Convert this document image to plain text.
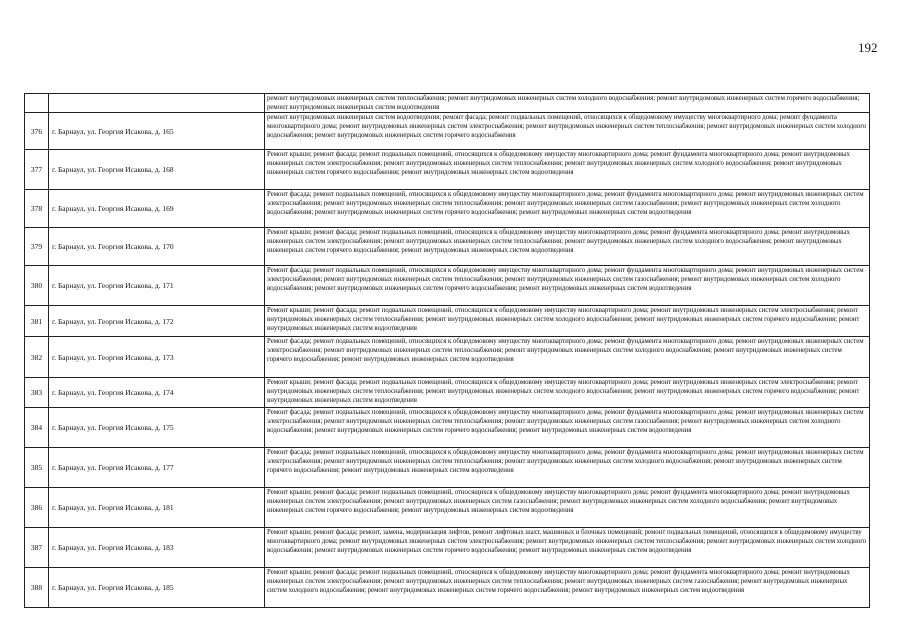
192
		ремонт внутридомовых инженерных систем теплоснабжения; ремонт внутридомовых инженерных систем холодного водоснабжения; ремонт внутридомовых инженерных систем горячего водоснабжения; ремонт внутридомовых инженерных систем водоотведения
376	г. Барнаул, ул. Георгия Исакова, д. 165	ремонт внутридомовых инженерных систем водоотведения; ремонт фасада; ремонт подвальных помещений, относящихся к общедомовому имуществу многоквартирного дома; ремонт фундамента многоквартирного дома; ремонт внутридомовых инженерных систем электроснабжения; ремонт внутридомовых инженерных систем теплоснабжения; ремонт внутридомовых инженерных систем холодного водоснабжения; ремонт внутридомовых инженерных систем горячего водоснабжения
377	г. Барнаул, ул. Георгия Исакова, д. 168	Ремонт крыши; ремонт фасада; ремонт подвальных помещений, относящихся к общедомовому имуществу многоквартирного дома; ремонт фундамента многоквартирного дома; ремонт внутридомовых инженерных систем электроснабжения; ремонт внутридомовых инженерных систем теплоснабжения; ремонт внутридомовых инженерных систем холодного водоснабжения; ремонт внутридомовых инженерных систем горячего водоснабжения; ремонт внутридомовых инженерных систем водоотведения
378	г. Барнаул, ул. Георгия Исакова, д. 169	Ремонт фасада; ремонт подвальных помещений, относящихся к общедомовому имуществу многоквартирного дома; ремонт фундамента многоквартирного дома; ремонт внутридомовых инженерных систем электроснабжения; ремонт внутридомовых инженерных систем теплоснабжения; ремонт внутридомовых инженерных систем газоснабжения; ремонт внутридомовых инженерных систем холодного водоснабжения; ремонт внутридомовых инженерных систем горячего водоснабжения; ремонт внутридомовых инженерных систем водоотведения
379	г. Барнаул, ул. Георгия Исакова, д. 170	Ремонт крыши; ремонт фасада; ремонт подвальных помещений, относящихся к общедомовому имуществу многоквартирного дома; ремонт фундамента многоквартирного дома; ремонт внутридомовых инженерных систем электроснабжения; ремонт внутридомовых инженерных систем теплоснабжения; ремонт внутридомовых инженерных систем холодного водоснабжения; ремонт внутридомовых инженерных систем горячего водоснабжения; ремонт внутридомовых инженерных систем водоотведения
380	г. Барнаул, ул. Георгия Исакова, д. 171	Ремонт фасада; ремонт подвальных помещений, относящихся к общедомовому имуществу многоквартирного дома; ремонт фундамента многоквартирного дома; ремонт внутридомовых инженерных систем электроснабжения; ремонт внутридомовых инженерных систем теплоснабжения; ремонт внутридомовых инженерных систем газоснабжения; ремонт внутридомовых инженерных систем холодного водоснабжения; ремонт внутридомовых инженерных систем горячего водоснабжения; ремонт внутридомовых инженерных систем водоотведения
381	г. Барнаул, ул. Георгия Исакова, д. 172	Ремонт крыши; ремонт фасада; ремонт подвальных помещений, относящихся к общедомовому имуществу многоквартирного дома; ремонт внутридомовых инженерных систем электроснабжения; ремонт внутридомовых инженерных систем теплоснабжения; ремонт внутридомовых инженерных систем холодного водоснабжения; ремонт внутридомовых инженерных систем горячего водоснабжения; ремонт внутридомовых инженерных систем водоотведения
382	г. Барнаул, ул. Георгия Исакова, д. 173	Ремонт фасада; ремонт подвальных помещений, относящихся к общедомовому имуществу многоквартирного дома; ремонт фундамента многоквартирного дома; ремонт внутридомовых инженерных систем электроснабжения; ремонт внутридомовых инженерных систем теплоснабжения; ремонт внутридомовых инженерных систем холодного водоснабжения; ремонт внутридомовых инженерных систем горячего водоснабжения; ремонт внутридомовых инженерных систем водоотведения
383	г. Барнаул, ул. Георгия Исакова, д. 174	Ремонт крыши; ремонт фасада; ремонт подвальных помещений, относящихся к общедомовому имуществу многоквартирного дома; ремонт внутридомовых инженерных систем электроснабжения; ремонт внутридомовых инженерных систем теплоснабжения; ремонт внутридомовых инженерных систем холодного водоснабжения; ремонт внутридомовых инженерных систем горячего водоснабжения; ремонт внутридомовых инженерных систем водоотведения
384	г. Барнаул, ул. Георгия Исакова, д. 175	Ремонт фасада; ремонт подвальных помещений, относящихся к общедомовому имуществу многоквартирного дома; ремонт фундамента многоквартирного дома; ремонт внутридомовых инженерных систем электроснабжения; ремонт внутридомовых инженерных систем теплоснабжения; ремонт внутридомовых инженерных систем газоснабжения; ремонт внутридомовых инженерных систем холодного водоснабжения; ремонт внутридомовых инженерных систем горячего водоснабжения; ремонт внутридомовых инженерных систем водоотведения
385	г. Барнаул, ул. Георгия Исакова, д. 177	Ремонт фасада; ремонт подвальных помещений, относящихся к общедомовому имуществу многоквартирного дома; ремонт фундамента многоквартирного дома; ремонт внутридомовых инженерных систем электроснабжения; ремонт внутридомовых инженерных систем теплоснабжения; ремонт внутридомовых инженерных систем холодного водоснабжения; ремонт внутридомовых инженерных систем горячего водоснабжения; ремонт внутридомовых инженерных систем водоотведения
386	г. Барнаул, ул. Георгия Исакова, д. 181	Ремонт крыши; ремонт фасада; ремонт подвальных помещений, относящихся к общедомовому имуществу многоквартирного дома; ремонт фундамента многоквартирного дома; ремонт внутридомовых инженерных систем электроснабжения; ремонт внутридомовых инженерных систем газоснабжения; ремонт внутридомовых инженерных систем холодного водоснабжения; ремонт внутридомовых инженерных систем горячего водоснабжения; ремонт внутридомовых инженерных систем водоотведения
387	г. Барнаул, ул. Георгия Исакова, д. 183	Ремонт крыши; ремонт фасада; ремонт, замена, модернизация лифтов, ремонт лифтовых шахт, машинных и блочных помещений; ремонт подвальных помещений, относящихся к общедомовому имуществу многоквартирного дома; ремонт внутридомовых инженерных систем электроснабжения; ремонт внутридомовых инженерных систем теплоснабжения; ремонт внутридомовых инженерных систем холодного водоснабжения; ремонт внутридомовых инженерных систем горячего водоснабжения; ремонт внутридомовых инженерных систем водоотведения
388	г. Барнаул, ул. Георгия Исакова, д. 185	Ремонт крыши; ремонт фасада; ремонт подвальных помещений, относящихся к общедомовому имуществу многоквартирного дома; ремонт фундамента многоквартирного дома; ремонт внутридомовых инженерных систем электроснабжения; ремонт внутридомовых инженерных систем теплоснабжения; ремонт внутридомовых инженерных систем газоснабжения; ремонт внутридомовых инженерных систем холодного водоснабжения; ремонт внутридомовых инженерных систем горячего водоснабжения; ремонт внутридомовых инженерных систем водоотведения
